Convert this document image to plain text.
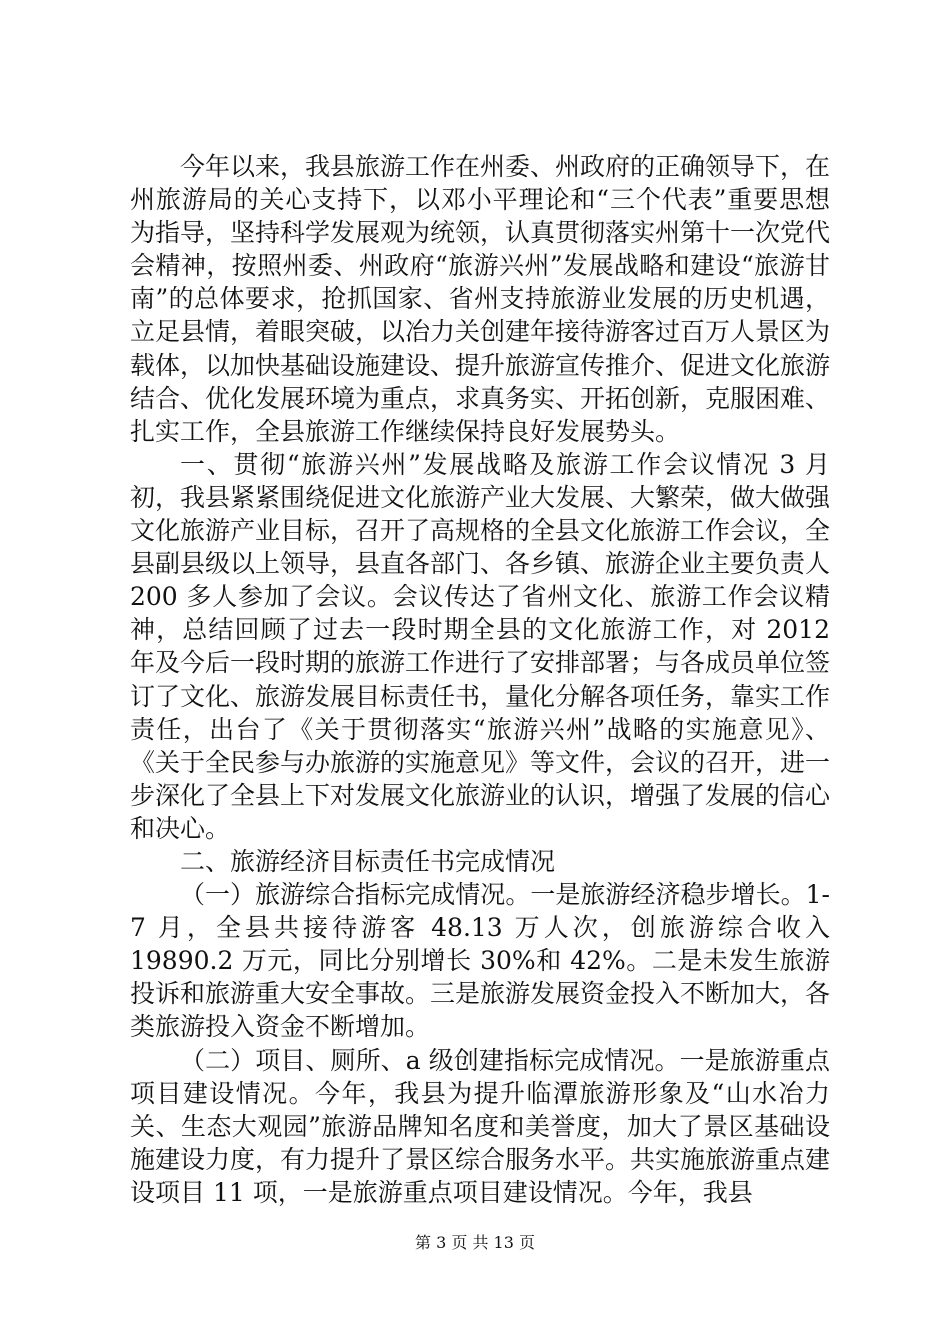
今年以来，我县旅游工作在州委、州政府的正确领导下，在州旅游局的关心支持下，以邓小平理论和“三个代表”重要思想为指导，坚持科学发展观为统领，认真贯彻落实州第十一次党代会精神，按照州委、州政府“旅游兴州”发展战略和建设“旅游甘南”的总体要求，抢抓国家、省州支持旅游业发展的历史机遇，立足县情，着眼突破，以冶力关创建年接待游客过百万人景区为载体，以加快基础设施建设、提升旅游宣传推介、促进文化旅游结合、优化发展环境为重点，求真务实、开拓创新，克服困难、扎实工作，全县旅游工作继续保持良好发展势头。

一、贯彻“旅游兴州”发展战略及旅游工作会议情况 3 月初，我县紧紧围绕促进文化旅游产业大发展、大繁荣，做大做强文化旅游产业目标，召开了高规格的全县文化旅游工作会议，全县副县级以上领导，县直各部门、各乡镇、旅游企业主要负责人 200 多人参加了会议。会议传达了省州文化、旅游工作会议精神，总结回顾了过去一段时期全县的文化旅游工作，对 2012 年及今后一段时期的旅游工作进行了安排部署；与各成员单位签订了文化、旅游发展目标责任书，量化分解各项任务，靠实工作责任，出台了《关于贯彻落实“旅游兴州”战略的实施意见》、《关于全民参与办旅游的实施意见》等文件，会议的召开，进一步深化了全县上下对发展文化旅游业的认识，增强了发展的信心和决心。

二、旅游经济目标责任书完成情况

（一）旅游综合指标完成情况。一是旅游经济稳步增长。1-7 月，全县共接待游客 48.13 万人次，创旅游综合收入 19890.2 万元，同比分别增长 30%和 42%。二是未发生旅游投诉和旅游重大安全事故。三是旅游发展资金投入不断加大，各类旅游投入资金不断增加。

（二）项目、厕所、a 级创建指标完成情况。一是旅游重点项目建设情况。今年，我县为提升临潭旅游形象及“山水冶力关、生态大观园”旅游品牌知名度和美誉度，加大了景区基础设施建设力度，有力提升了景区综合服务水平。共实施旅游重点建设项目 11 项，一是旅游重点项目建设情况。今年，我县

第 3 页 共 13 页
